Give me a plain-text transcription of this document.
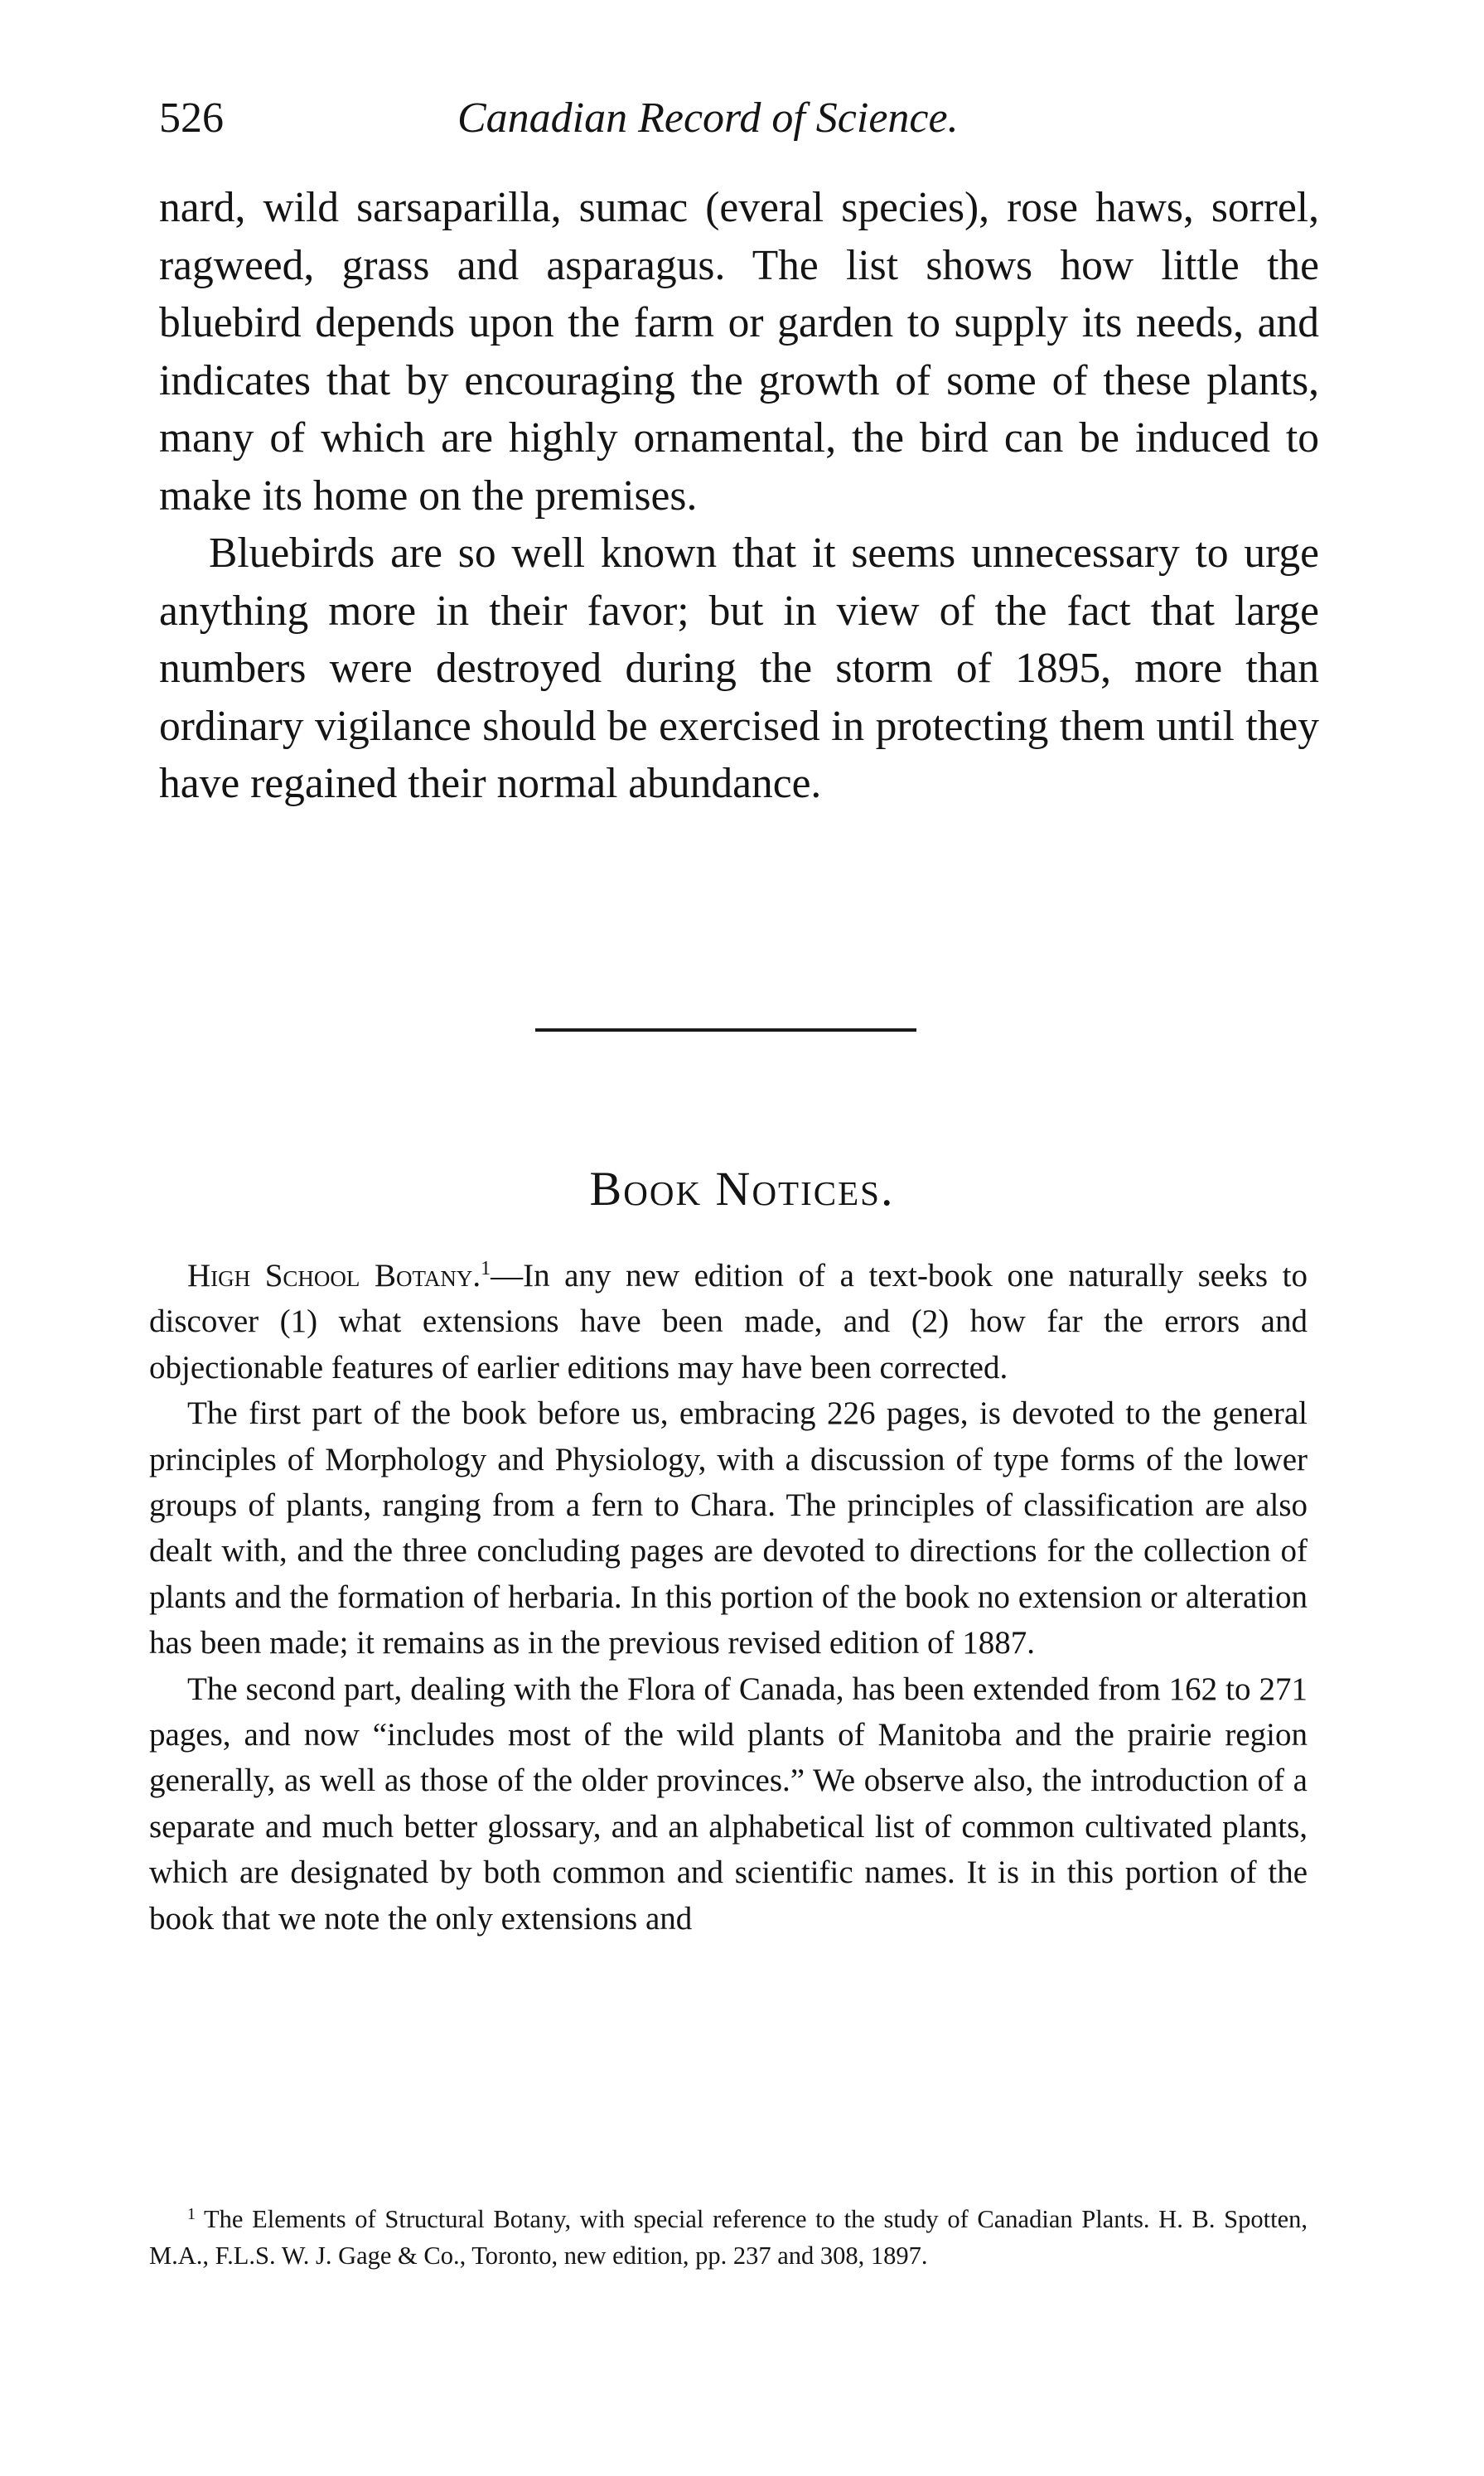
526	Canadian Record of Science.

nard, wild sarsaparilla, sumac (everal species), rose haws, sorrel, ragweed, grass and asparagus. The list shows how little the bluebird depends upon the farm or garden to supply its needs, and indicates that by encouraging the growth of some of these plants, many of which are highly ornamental, the bird can be induced to make its home on the premises.

Bluebirds are so well known that it seems unnecessary to urge anything more in their favor; but in view of the fact that large numbers were destroyed during the storm of 1895, more than ordinary vigilance should be exercised in protecting them until they have regained their normal abundance.

Book Notices.

High School Botany.$^1$—In any new edition of a text-book one naturally seeks to discover (1) what extensions have been made, and (2) how far the errors and objectionable features of earlier editions may have been corrected.

The first part of the book before us, embracing 226 pages, is devoted to the general principles of Morphology and Physiology, with a discussion of type forms of the lower groups of plants, ranging from a fern to Chara. The principles of classification are also dealt with, and the three concluding pages are devoted to directions for the collection of plants and the formation of herbaria. In this portion of the book no extension or alteration has been made; it remains as in the previous revised edition of 1887.

The second part, dealing with the Flora of Canada, has been extended from 162 to 271 pages, and now “includes most of the wild plants of Manitoba and the prairie region generally, as well as those of the older provinces.” We observe also, the introduction of a separate and much better glossary, and an alphabetical list of common cultivated plants, which are designated by both common and scientific names. It is in this portion of the book that we note the only extensions and

$^1$ The Elements of Structural Botany, with special reference to the study of Canadian Plants. H. B. Spotten, M.A., F.L.S. W. J. Gage & Co., Toronto, new edition, pp. 237 and 308, 1897.
